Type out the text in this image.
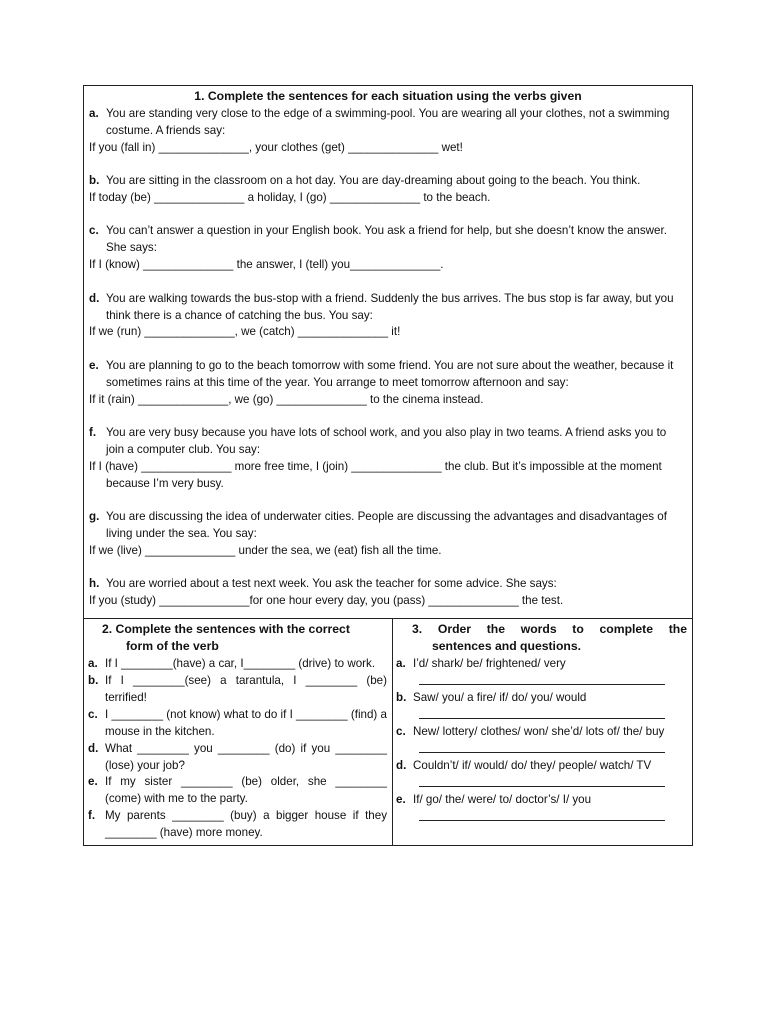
1. Complete the sentences for each situation using the verbs given
a. You are standing very close to the edge of a swimming-pool. You are wearing all your clothes, not a swimming costume. A friends say:
If you (fall in) ______________, your clothes (get) ______________ wet!
b. You are sitting in the classroom on a hot day. You are day-dreaming about going to the beach. You think.
If today (be) ______________ a holiday, I (go) ______________ to the beach.
c. You can’t answer a question in your English book. You ask a friend for help, but she doesn’t know the answer. She says:
If I (know) ______________ the answer, I (tell) you______________.
d. You are walking towards the bus-stop with a friend. Suddenly the bus arrives. The bus stop is far away, but you think there is a chance of catching the bus. You say:
If we (run) ______________, we (catch) ______________ it!
e. You are planning to go to the beach tomorrow with some friend. You are not sure about the weather, because it sometimes rains at this time of the year. You arrange to meet tomorrow afternoon and say:
If it (rain) ______________, we (go) ______________ to the cinema instead.
f. You are very busy because you have lots of school work, and you also play in two teams. A friend asks you to join a computer club. You say:
If I (have) ______________ more free time, I (join) ______________ the club. But it’s impossible at the moment
because I’m very busy.
g. You are discussing the idea of underwater cities. People are discussing the advantages and disadvantages of living under the sea. You say:
If we (live) ______________ under the sea, we (eat) fish all the time.
h. You are worried about a test next week. You ask the teacher for some advice. She says:
If you (study) ______________for one hour every day, you (pass) ______________ the test.
2. Complete the sentences with the correct
form of the verb
a. If I ________(have) a car, I________ (drive) to work.
b. If I ________(see) a tarantula, I ________ (be) terrified!
c. I ________ (not know) what to do if I ________ (find) a mouse in the kitchen.
d. What ________ you ________ (do) if you ________ (lose) your job?
e. If my sister ________ (be) older, she ________ (come) with me to the party.
f. My parents ________ (buy) a bigger house if they ________ (have) more money.
3. Order the words to complete the
sentences and questions.
a. I’d/ shark/ be/ frightened/ very
b. Saw/ you/ a fire/ if/ do/ you/ would
c. New/ lottery/ clothes/ won/ she’d/ lots of/ the/ buy
d. Couldn’t/ if/ would/ do/ they/ people/ watch/ TV
e. If/ go/ the/ were/ to/ doctor’s/ I/ you
